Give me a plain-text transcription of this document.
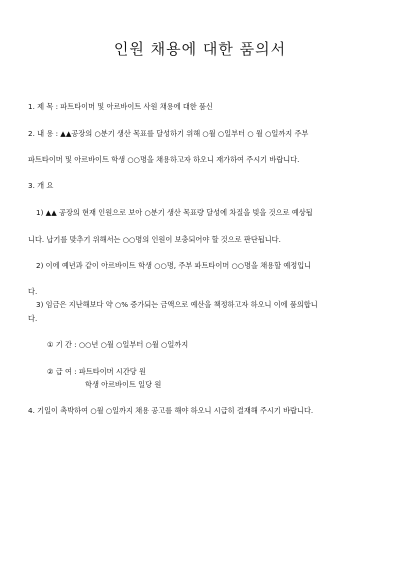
인원 채용에 대한 품의서
1. 제 목 : 파트타이머 및 아르바이트 사원 채용에 대한 품신
2. 내 용 : ▲▲공장의 ○분기 생산 목표를 달성하기 위해 ○월 ○일부터 ○ 월 ○일까지 주부
파트타이머 및 아르바이트 학생 ○○명을 채용하고자 하오니 재가하여 주시기 바랍니다.
3. 개 요
1) ▲▲ 공장의 현재 인원으로 보아 ○분기 생산 목표량 달성에 차질을 빚을 것으로 예상됩
니다. 납기를 맞추기 위해서는 ○○명의 인원이 보충되어야 할 것으로 판단됩니다.
2) 이에 예년과 같이 아르바이트 학생 ○○명, 주부 파트타이머 ○○명을 채용할 예정입니
다.
3) 임금은 지난해보다 약 ○% 증가되는 금액으로 예산을 책정하고자 하오니 이에 품의합니
다.
① 기 간 : ○○년 ○월 ○일부터 ○월 ○일까지
② 급 여 : 파트타이머 시간당 원
학생 아르바이트 일당 원
4. 기일이 촉박하여 ○월 ○일까지 채용 공고를 해야 하오니 시급히 결재해 주시기 바랍니다.
